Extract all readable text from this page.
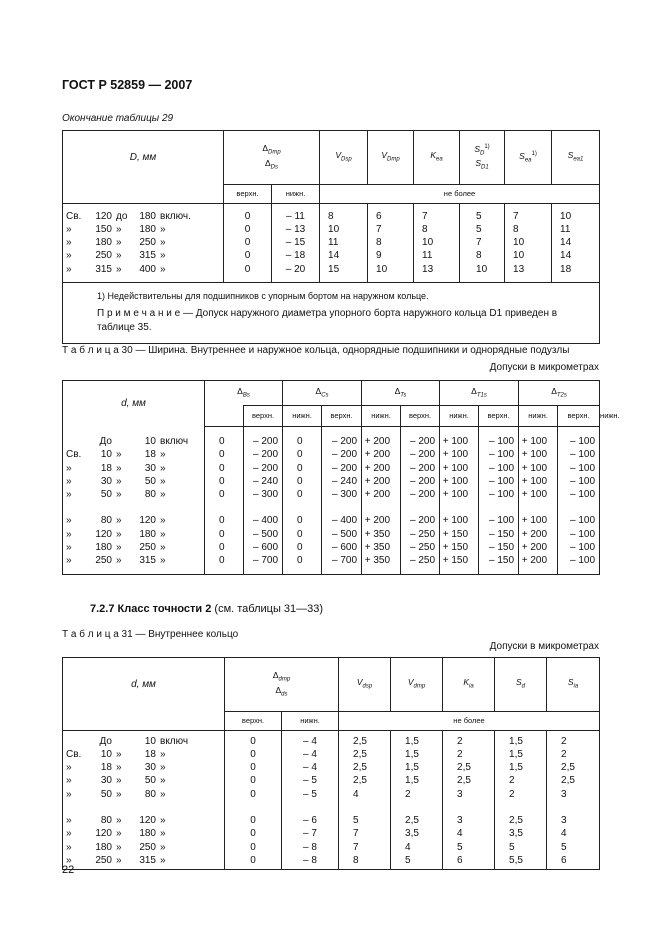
ГОСТ Р 52859 — 2007
Окончание таблицы 29
D, мм	$\Delta_{Dmp}$
$\Delta_{Ds}$		$V_{Dsp}$	$V_{Dmp}$	$K_{ea}$	$S_D^{1)}$
$S_{D1}$	$S_{ea}^{1)}$	$S_{ea1}$

	верхн.	нижн.	не более					

Св. 120 до 180 включ.	0	– 11	8	6	7	5	7	10
» 150 » 180 »	0	– 13	10	7	8	5	8	11
» 180 » 250 »	0	– 15	11	8	10	7	10	14
» 250 » 315 »	0	– 18	14	9	11	8	10	14
» 315 » 400 »	0	– 20	15	10	13	10	13	18

1) Недействительны для подшипников с упорным бортом на наружном кольце.
П р и м е ч а н и е — Допуск наружного диаметра упорного борта наружного кольца D1 приведен в таблице 35.								
Т а б л и ц а 30 — Ширина. Внутреннее и наружное кольца, однорядные подшипники и однорядные подузлы
Допуски в микрометрах
d, мм	$\Delta_{Bs}$		$\Delta_{Cs}$		$\Delta_{Ts}$		$\Delta_{T1s}$		$\Delta_{T2s}$
		верхн.	нижн.	верхн.	нижн.	верхн.	нижн.	верхн.	нижн.	верхн.	нижн.

До 10 включ	0	– 200	0	– 200	+ 200	– 200	+ 100	– 100	+ 100	– 100	
Св. 10 » 18 »	0	– 200	0	– 200	+ 200	– 200	+ 100	– 100	+ 100	– 100	
» 18 » 30 »	0	– 200	0	– 200	+ 200	– 200	+ 100	– 100	+ 100	– 100	
» 30 » 50 »	0	– 240	0	– 240	+ 200	– 200	+ 100	– 100	+ 100	– 100	
» 50 » 80 »	0	– 300	0	– 300	+ 200	– 200	+ 100	– 100	+ 100	– 100	

» 80 » 120 »	0	– 400	0	– 400	+ 200	– 200	+ 100	– 100	+ 100	– 100	
» 120 » 180 »	0	– 500	0	– 500	+ 350	– 250	+ 150	– 150	+ 200	– 100	
» 180 » 250 »	0	– 600	0	– 600	+ 350	– 250	+ 150	– 150	+ 200	– 100	
» 250 » 315 »	0	– 700	0	– 700	+ 350	– 250	+ 150	– 150	+ 200	– 100	

7.2.7 Класс точности 2 (см. таблицы 31—33)
Т а б л и ц а 31 — Внутреннее кольцо
Допуски в микрометрах
d, мм	$\Delta_{dmp}$
$\Delta_{ds}$		$V_{dsp}$	$V_{dmp}$	$K_{ia}$	$S_d$	$S_{ia}$

	верхн.	нижн.	не более				

До 10 включ	0	– 4	2,5	1,5	2	1,5	2
Св. 10 » 18 »	0	– 4	2,5	1,5	2	1,5	2
» 18 » 30 »	0	– 4	2,5	1,5	2,5	1,5	2,5
» 30 » 50 »	0	– 5	2,5	1,5	2,5	2	2,5
» 50 » 80 »	0	– 5	4	2	3	2	3

» 80 » 120 »	0	– 6	5	2,5	3	2,5	3
» 120 » 180 »	0	– 7	7	3,5	4	3,5	4
» 180 » 250 »	0	– 8	7	4	5	5	5
» 250 » 315 »	0	– 8	8	5	6	5,5	6

22
